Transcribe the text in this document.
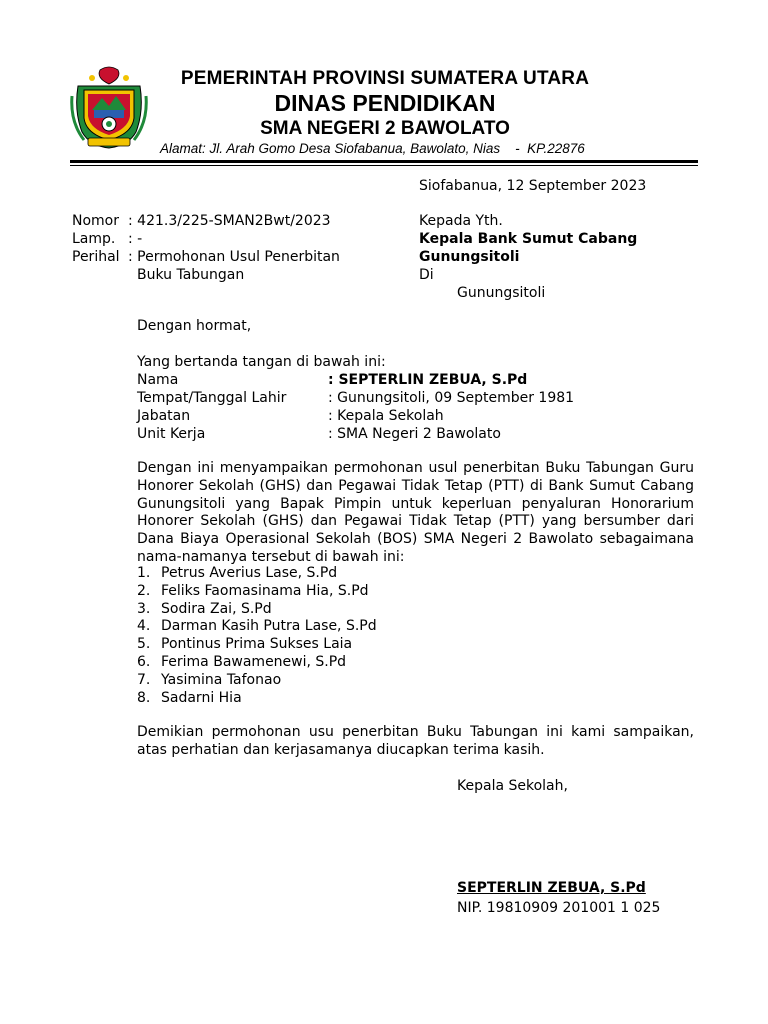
PEMERINTAH PROVINSI SUMATERA UTARA
DINAS PENDIDIKAN
SMA NEGERI 2 BAWOLATO
Alamat: Jl. Arah Gomo Desa Siofabanua, Bawolato, Nias    -  KP.22876
Siofabanua, 12 September 2023
Nomor : 421.3/225-SMAN2Bwt/2023
Lamp. : -
Perihal : Permohonan Usul Penerbitan
Buku Tabungan
Kepada Yth.
Kepala Bank Sumut Cabang
Gunungsitoli
Di
Gunungsitoli
Dengan hormat,
Yang bertanda tangan di bawah ini:
Nama	: SEPTERLIN ZEBUA, S.Pd
Tempat/Tanggal Lahir	: Gunungsitoli, 09 September 1981
Jabatan	: Kepala Sekolah
Unit Kerja	: SMA Negeri 2 Bawolato
Dengan ini menyampaikan permohonan usul penerbitan Buku Tabungan Guru Honorer Sekolah (GHS) dan Pegawai Tidak Tetap (PTT) di Bank Sumut Cabang Gunungsitoli yang Bapak Pimpin untuk keperluan penyaluran Honorarium Honorer Sekolah (GHS) dan Pegawai Tidak Tetap (PTT) yang bersumber dari Dana Biaya Operasional Sekolah (BOS) SMA Negeri 2 Bawolato sebagaimana nama-namanya tersebut di bawah ini:
1. Petrus Averius Lase, S.Pd
2. Feliks Faomasinama Hia, S.Pd
3. Sodira Zai, S.Pd
4. Darman Kasih Putra Lase, S.Pd
5. Pontinus Prima Sukses Laia
6. Ferima Bawamenewi, S.Pd
7. Yasimina Tafonao
8. Sadarni Hia
Demikian permohonan usu penerbitan Buku Tabungan ini kami sampaikan, atas perhatian dan kerjasamanya diucapkan terima kasih.
Kepala Sekolah,
SEPTERLIN ZEBUA, S.Pd
NIP. 19810909 201001 1 025
